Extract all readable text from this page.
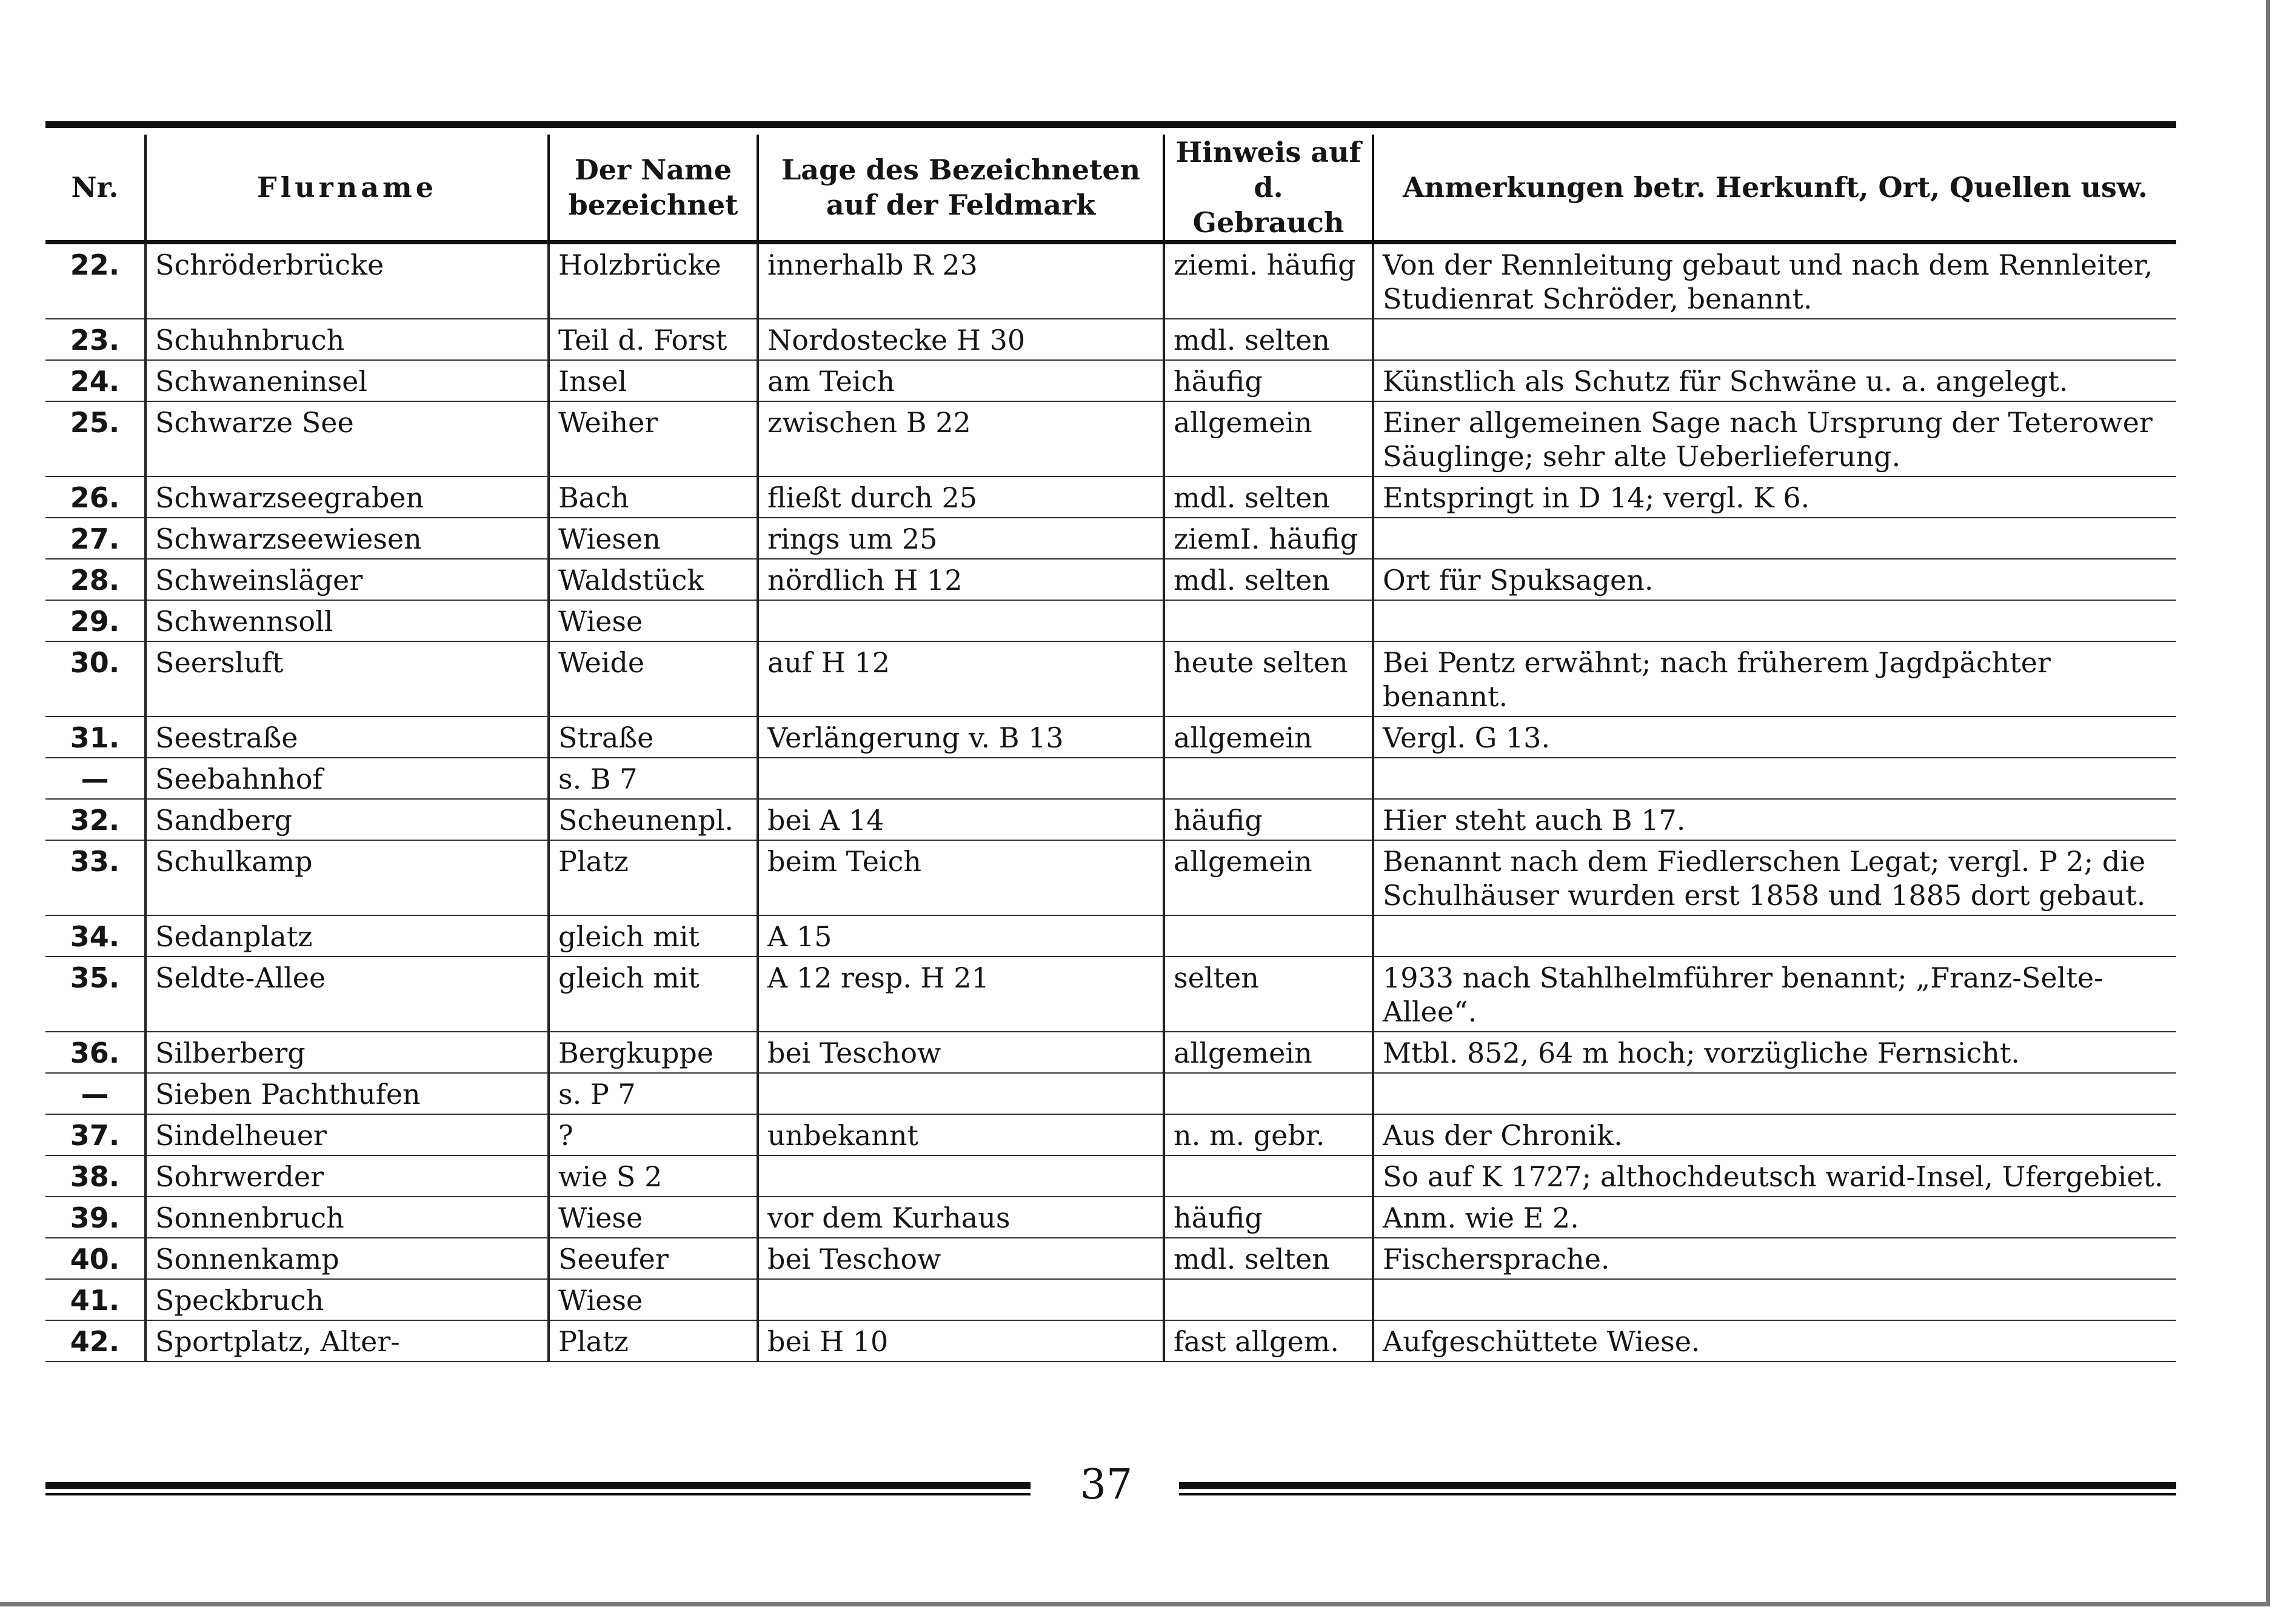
Nr.	Flurname	Der Name bezeichnet	Lage des Bezeichneten auf der Feldmark	Hinweis auf d. Gebrauch	Anmerkungen betr. Herkunft, Ort, Quellen usw.
22.	Schröderbrücke	Holzbrücke	innerhalb R 23	ziemi. häufig	Von der Rennleitung gebaut und nach dem Rennleiter, Studienrat Schröder, benannt.
23.	Schuhnbruch	Teil d. Forst	Nordostecke H 30	mdl. selten	
24.	Schwaneninsel	Insel	am Teich	häufig	Künstlich als Schutz für Schwäne u. a. angelegt.
25.	Schwarze See	Weiher	zwischen B 22	allgemein	Einer allgemeinen Sage nach Ursprung der Teterower Säuglinge; sehr alte Ueberlieferung.
26.	Schwarzseegraben	Bach	fließt durch 25	mdl. selten	Entspringt in D 14; vergl. K 6.
27.	Schwarzseewiesen	Wiesen	rings um 25	ziemI. häufig	
28.	Schweinsläger	Waldstück	nördlich H 12	mdl. selten	Ort für Spuksagen.
29.	Schwennsoll	Wiese			
30.	Seersluft	Weide	auf H 12	heute selten	Bei Pentz erwähnt; nach früherem Jagdpächter benannt.
31.	Seestraße	Straße	Verlängerung v. B 13	allgemein	Vergl. G 13.
—	Seebahnhof	s. B 7			
32.	Sandberg	Scheunenpl.	bei A 14	häufig	Hier steht auch B 17.
33.	Schulkamp	Platz	beim Teich	allgemein	Benannt nach dem Fiedlerschen Legat; vergl. P 2; die Schulhäuser wurden erst 1858 und 1885 dort gebaut.
34.	Sedanplatz	gleich mit	A 15		
35.	Seldte-Allee	gleich mit	A 12 resp. H 21	selten	1933 nach Stahlhelmführer benannt; „Franz-Selte-Allee“.
36.	Silberberg	Bergkuppe	bei Teschow	allgemein	Mtbl. 852, 64 m hoch; vorzügliche Fernsicht.
—	Sieben Pachthufen	s. P 7			
37.	Sindelheuer	?	unbekannt	n. m. gebr.	Aus der Chronik.
38.	Sohrwerder	wie S 2			So auf K 1727; althochdeutsch warid-Insel, Ufergebiet.
39.	Sonnenbruch	Wiese	vor dem Kurhaus	häufig	Anm. wie E 2.
40.	Sonnenkamp	Seeufer	bei Teschow	mdl. selten	Fischersprache.
41.	Speckbruch	Wiese			
42.	Sportplatz, Alter-	Platz	bei H 10	fast allgem.	Aufgeschüttete Wiese.
37
